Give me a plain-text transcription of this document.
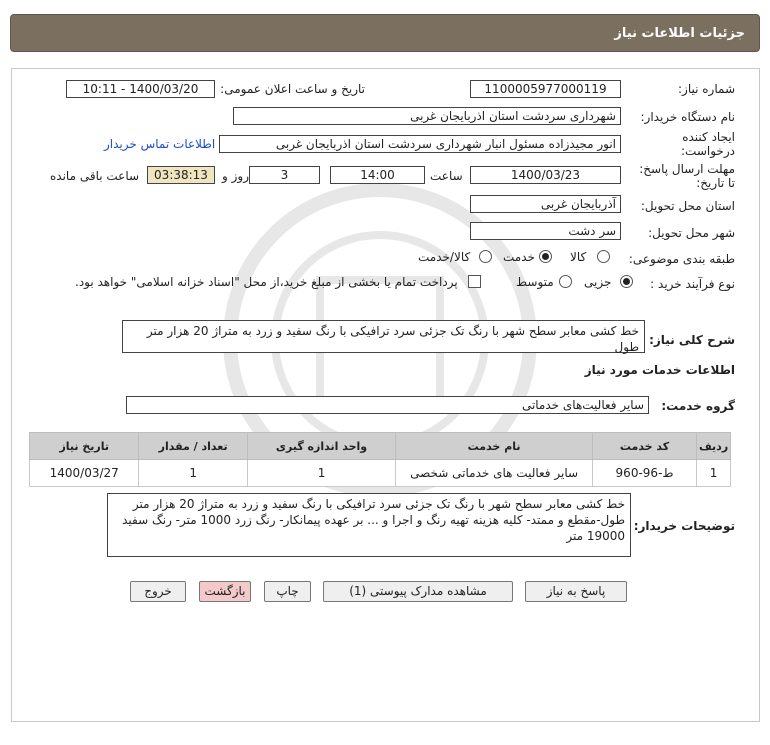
جزئیات اطلاعات نیاز
شماره نیاز:
1100005977000119
تاریخ و ساعت اعلان عمومی:
1400/03/20 - 10:11
نام دستگاه خریدار:
شهرداری سردشت استان اذربایجان غربی
ایجاد کننده
درخواست:
انور مجیدزاده مسئول انبار شهرداری سردشت استان اذربایجان غربی
اطلاعات تماس خریدار
مهلت ارسال پاسخ:
تا تاریخ:
1400/03/23
ساعت
14:00
3
روز و
03:38:13
ساعت باقی مانده
استان محل تحویل:
آذربایجان غربی
شهر محل تحویل:
سر دشت
طبقه بندی موضوعی:
کالا
خدمت
کالا/خدمت
نوع فرآیند خرید :
جزیی
متوسط
پرداخت تمام یا بخشی از مبلغ خرید،از محل "اسناد خزانه اسلامی" خواهد بود.
شرح کلی نیاز:
خط کشی معابر سطح شهر با رنگ تک جزئی سرد ترافیکی با رنگ سفید و زرد به متراژ 20 هزار متر طول
اطلاعات خدمات مورد نیاز
گروه خدمت:
سایر فعالیت‌های خدماتی
ردیف	کد خدمت	نام خدمت	واحد اندازه گیری	تعداد / مقدار	تاریخ نیاز
1	ط-96-960	سایر فعالیت های خدماتی شخصی	1	1	1400/03/27
توضیحات خریدار:
خط کشی معابر سطح شهر با رنگ تک جزئی سرد ترافیکی با رنگ سفید و زرد به متراژ 20 هزار متر طول-مقطع و ممتد- کلیه هزینه تهیه رنگ و اجرا و ... بر عهده پیمانکار- رنگ زرد 1000 متر- رنگ سفید 19000 متر
پاسخ به نیاز
مشاهده مدارک پیوستی (1)
چاپ
بازگشت
خروج
